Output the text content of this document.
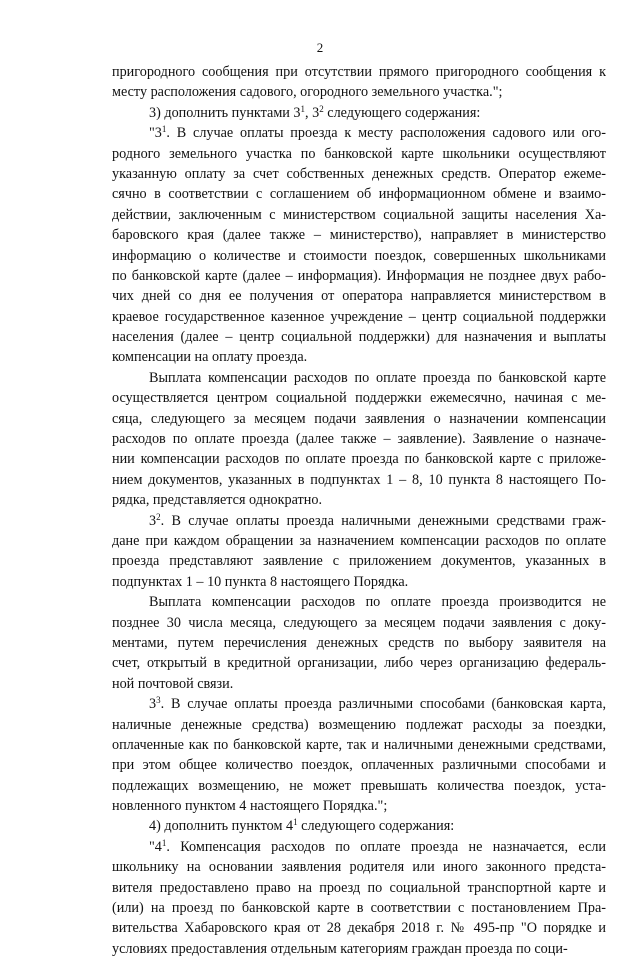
2
пригородного сообщения при отсутствии прямого пригородного сообщения к
месту расположения садового, огородного земельного участка.";
3) дополнить пунктами $3^1$, $3^2$ следующего содержания:
"$3^1$. В случае оплаты проезда к месту расположения садового или ого-
родного земельного участка по банковской карте школьники осуществляют
указанную оплату за счет собственных денежных средств. Оператор ежеме-
сячно в соответствии с соглашением об информационном обмене и взаимо-
действии, заключенным с министерством социальной защиты населения Ха-
баровского края (далее также – министерство), направляет в министерство
информацию о количестве и стоимости поездок, совершенных школьниками
по банковской карте (далее – информация). Информация не позднее двух рабо-
чих дней со дня ее получения от оператора направляется министерством в
краевое государственное казенное учреждение – центр социальной поддержки
населения (далее – центр социальной поддержки) для назначения и выплаты
компенсации на оплату проезда.
Выплата компенсации расходов по оплате проезда по банковской карте
осуществляется центром социальной поддержки ежемесячно, начиная с ме-
сяца, следующего за месяцем подачи заявления о назначении компенсации
расходов по оплате проезда (далее также – заявление). Заявление о назначе-
нии компенсации расходов по оплате проезда по банковской карте с приложе-
нием документов, указанных в подпунктах 1 – 8, 10 пункта 8 настоящего По-
рядка, представляется однократно.
$3^2$. В случае оплаты проезда наличными денежными средствами граж-
дане при каждом обращении за назначением компенсации расходов по оплате
проезда представляют заявление с приложением документов, указанных в
подпунктах 1 – 10 пункта 8 настоящего Порядка.
Выплата компенсации расходов по оплате проезда производится не
позднее 30 числа месяца, следующего за месяцем подачи заявления с доку-
ментами, путем перечисления денежных средств по выбору заявителя на
счет, открытый в кредитной организации, либо через организацию федераль-
ной почтовой связи.
$3^3$. В случае оплаты проезда различными способами (банковская карта,
наличные денежные средства) возмещению подлежат расходы за поездки,
оплаченные как по банковской карте, так и наличными денежными средствами,
при этом общее количество поездок, оплаченных различными способами и
подлежащих возмещению, не может превышать количества поездок, уста-
новленного пунктом 4 настоящего Порядка.";
4) дополнить пунктом $4^1$ следующего содержания:
"$4^1$. Компенсация расходов по оплате проезда не назначается, если
школьнику на основании заявления родителя или иного законного предста-
вителя предоставлено право на проезд по социальной транспортной карте и
(или) на проезд по банковской карте в соответствии с постановлением Пра-
вительства Хабаровского края от 28 декабря 2018 г. № 495-пр "О порядке и
условиях предоставления отдельным категориям граждан проезда по соци-
